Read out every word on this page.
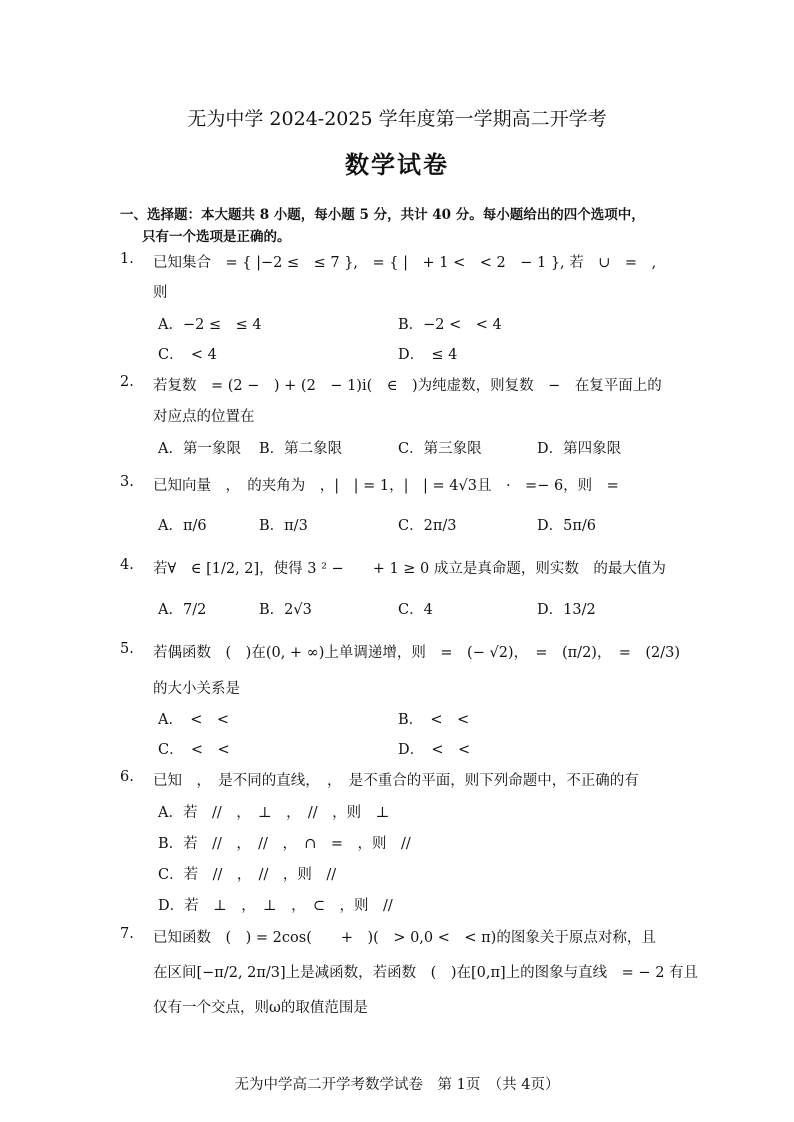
无为中学 2024-2025 学年度第一学期高二开学考
数学试卷
一、选择题：本大题共 8 小题，每小题 5 分，共计 40 分。每小题给出的四个选项中，
只有一个选项是正确的。
1. 已知集合　= { |−2 ≤　≤ 7 },　= { |　+ 1 <　< 2　− 1 }, 若　∪　=　,
则
A．−2 ≤　≤ 4	B．−2 <　< 4
C．　< 4	D．　≤ 4
2. 若复数　= (2 −　) + (2　− 1)i(　∈　)为纯虚数，则复数　−　在复平面上的
对应点的位置在
A．第一象限 B．第二象限	C．第三象限	D．第四象限
3. 已知向量　，　的夹角为　，|　| = 1，|　| = 4√3且　·　=− 6，则　=
A．π/6	B．π/3	C．2π/3	D．5π/6
4. 若∀　∈ [1/2, 2]，使得 3 ² −　　+ 1 ≥ 0 成立是真命题，则实数　的最大值为
A．7/2	B．2√3	C．4	D．13/2
5. 若偶函数　(　)在(0, + ∞)上单调递增，则　=　(− √2)，　=　(π/2)，　=　(2/3)
的大小关系是
A．　<　<	B．　<　<
C．　<　<	D．　<　<
6. 已知　，　是不同的直线，　，　是不重合的平面，则下列命题中，不正确的有
A．若　//　，　⊥　，　//　，则　⊥
B．若　//　，　//　，　∩　=　，则　//
C．若　//　，　//　，则　//
D．若　⊥　，　⊥　，　⊂　，则　//
7. 已知函数　(　) = 2cos(　　+　)(　> 0,0 <　< π)的图象关于原点对称，且
在区间[−π/2, 2π/3]上是减函数，若函数　(　)在[0,π]上的图象与直线　= − 2 有且
仅有一个交点，则ω的取值范围是
无为中学高二开学考数学试卷　第 1页　（共 4页）
